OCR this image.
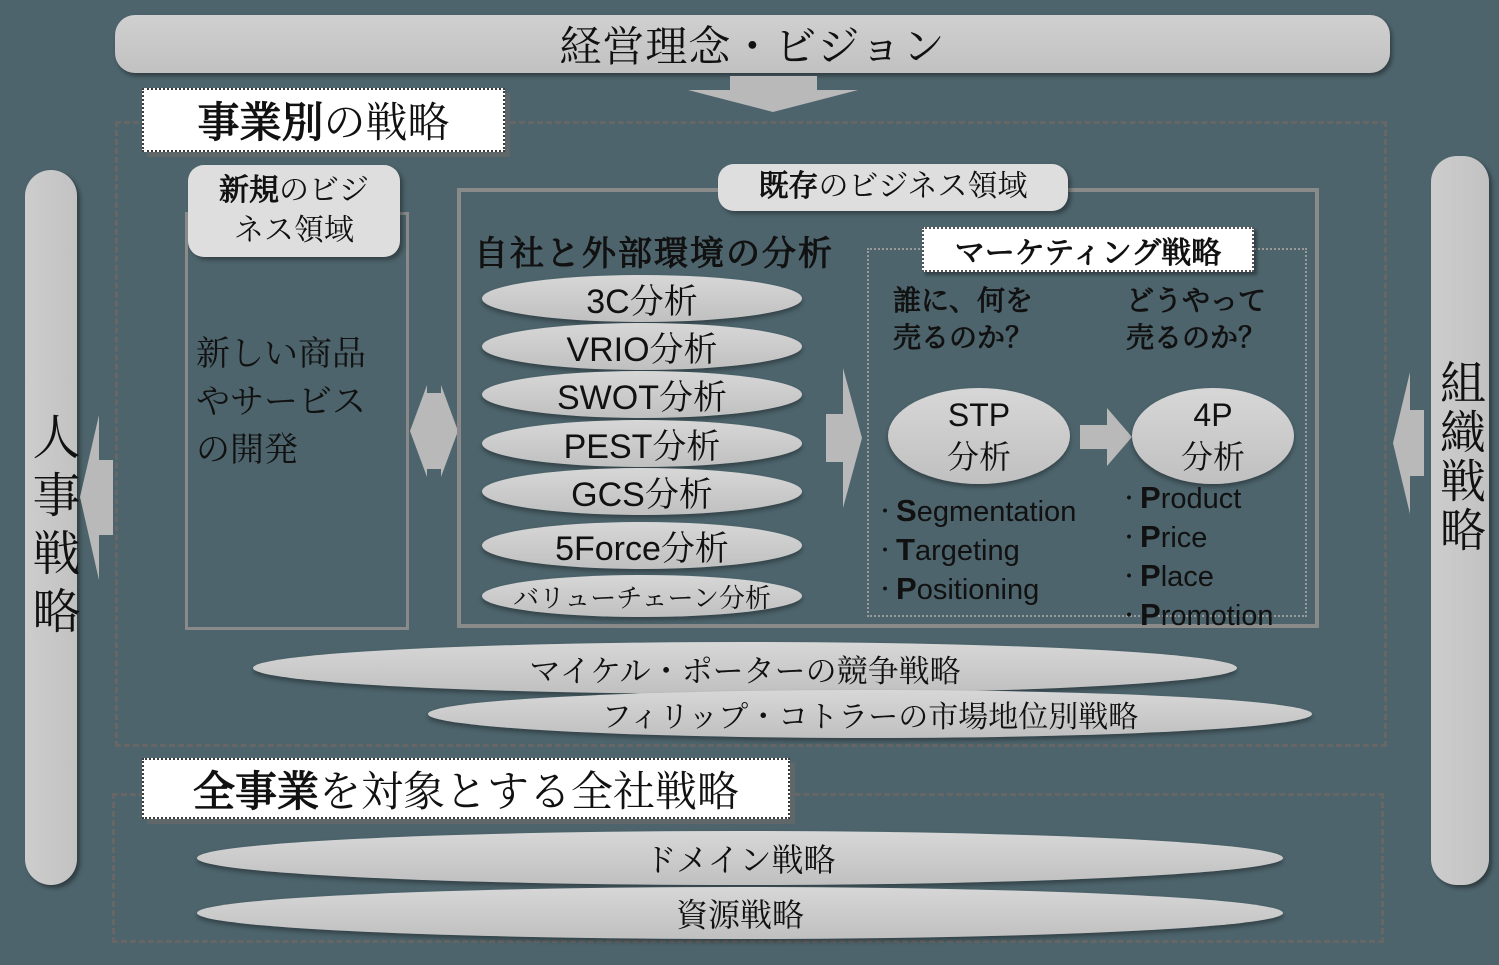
経営理念・ビジョン
人事戦略	組織戦略
事業別の戦略
新規のビジ
ネス領域
新しい商品
やサービス
の開発
既存のビジネス領域
自社と外部環境の分析
3C分析
VRIO分析
SWOT分析
PEST分析
GCS分析
5Force分析
バリューチェーン分析
マーケティング戦略
誰に、何を
売るのか？
どうやって
売るのか？
STP
分析
4P
分析
・Segmentation
・Targeting
・Positioning
・Product
・Price
・Place
・Promotion
マイケル・ポーターの競争戦略
フィリップ・コトラーの市場地位別戦略
全事業を対象とする全社戦略
ドメイン戦略
資源戦略
